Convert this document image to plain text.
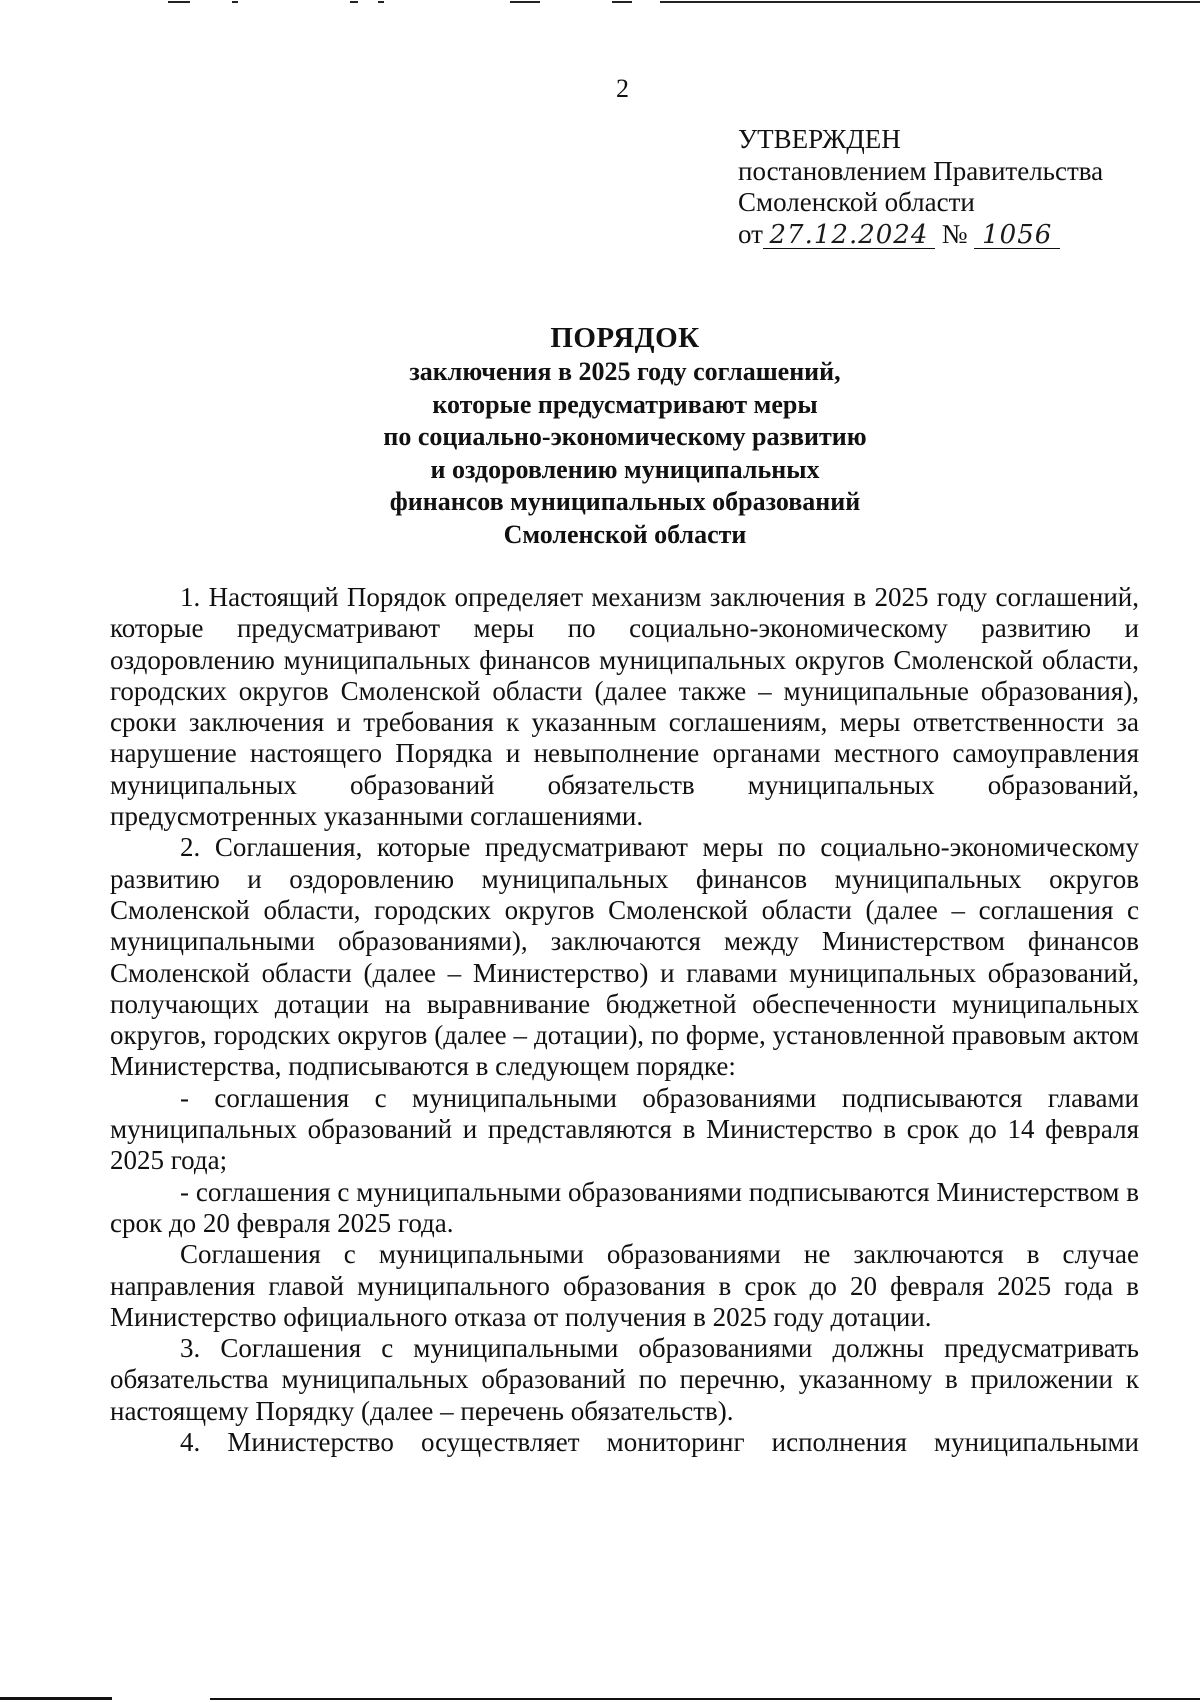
2
УТВЕРЖДЕН
постановлением Правительства
Смоленской области
от 27.12.2024 № 1056
ПОРЯДОК
заключения в 2025 году соглашений,
которые предусматривают меры
по социально-экономическому развитию
и оздоровлению муниципальных
финансов муниципальных образований
Смоленской области

1. Настоящий Порядок определяет механизм заключения в 2025 году соглашений, которые предусматривают меры по социально-экономическому развитию и оздоровлению муниципальных финансов муниципальных округов Смоленской области, городских округов Смоленской области (далее также – муниципальные образования), сроки заключения и требования к указанным соглашениям, меры ответственности за нарушение настоящего Порядка и невыполнение органами местного самоуправления муниципальных образований обязательств муниципальных образований, предусмотренных указанными соглашениями.

2. Соглашения, которые предусматривают меры по социально-экономическому развитию и оздоровлению муниципальных финансов муниципальных округов Смоленской области, городских округов Смоленской области (далее – соглашения с муниципальными образованиями), заключаются между Министерством финансов Смоленской области (далее – Министерство) и главами муниципальных образований, получающих дотации на выравнивание бюджетной обеспеченности муниципальных округов, городских округов (далее – дотации), по форме, установленной правовым актом Министерства, подписываются в следующем порядке:

- соглашения с муниципальными образованиями подписываются главами муниципальных образований и представляются в Министерство в срок до 14 февраля 2025 года;

- соглашения с муниципальными образованиями подписываются Министерством в срок до 20 февраля 2025 года.

Соглашения с муниципальными образованиями не заключаются в случае направления главой муниципального образования в срок до 20 февраля 2025 года в Министерство официального отказа от получения в 2025 году дотации.

3. Соглашения с муниципальными образованиями должны предусматривать обязательства муниципальных образований по перечню, указанному в приложении к настоящему Порядку (далее – перечень обязательств).

4. Министерство осуществляет мониторинг исполнения муниципальными
